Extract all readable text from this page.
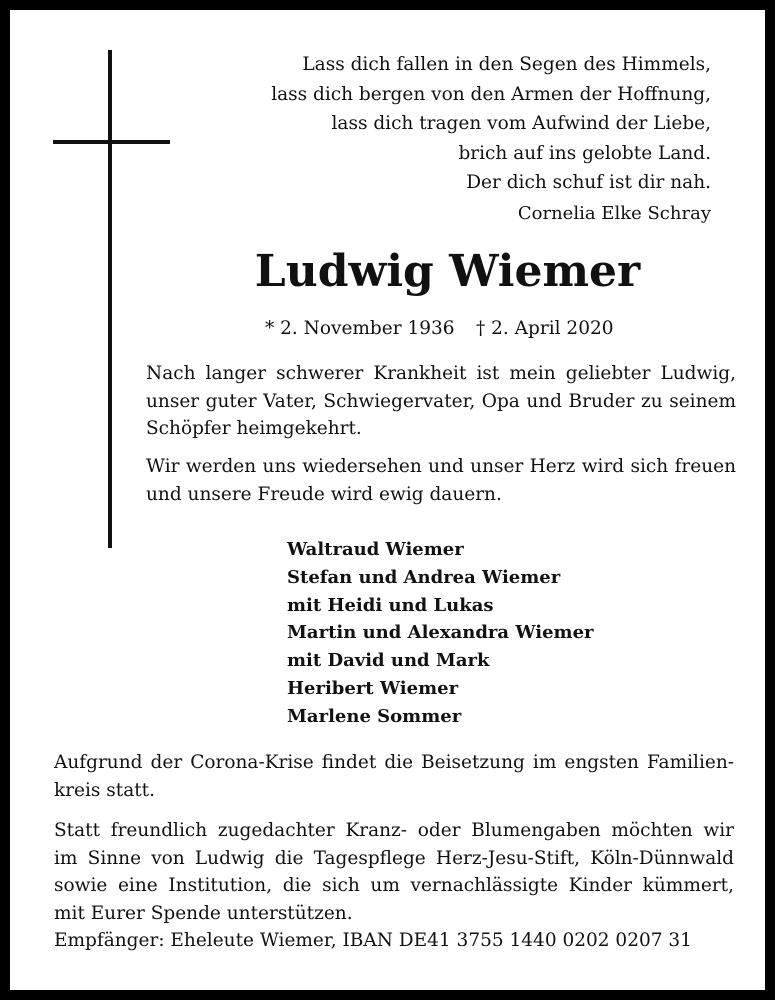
Lass dich fallen in den Segen des Himmels,
lass dich bergen von den Armen der Hoffnung,
lass dich tragen vom Aufwind der Liebe,
brich auf ins gelobte Land.
Der dich schuf ist dir nah.
Cornelia Elke Schray
Ludwig Wiemer
* 2. November 1936 † 2. April 2020
Nach langer schwerer Krankheit ist mein geliebter Ludwig,
unser guter Vater, Schwiegervater, Opa und Bruder zu seinem
Schöpfer heimgekehrt.
Wir werden uns wiedersehen und unser Herz wird sich freuen
und unsere Freude wird ewig dauern.
Waltraud Wiemer
Stefan und Andrea Wiemer
mit Heidi und Lukas
Martin und Alexandra Wiemer
mit David und Mark
Heribert Wiemer
Marlene Sommer
Aufgrund der Corona-Krise findet die Beisetzung im engsten Familien-
kreis statt.
Statt freundlich zugedachter Kranz- oder Blumengaben möchten wir
im Sinne von Ludwig die Tagespflege Herz-Jesu-Stift, Köln-Dünnwald
sowie eine Institution, die sich um vernachlässigte Kinder kümmert,
mit Eurer Spende unterstützen.
Empfänger: Eheleute Wiemer, IBAN DE41 3755 1440 0202 0207 31
